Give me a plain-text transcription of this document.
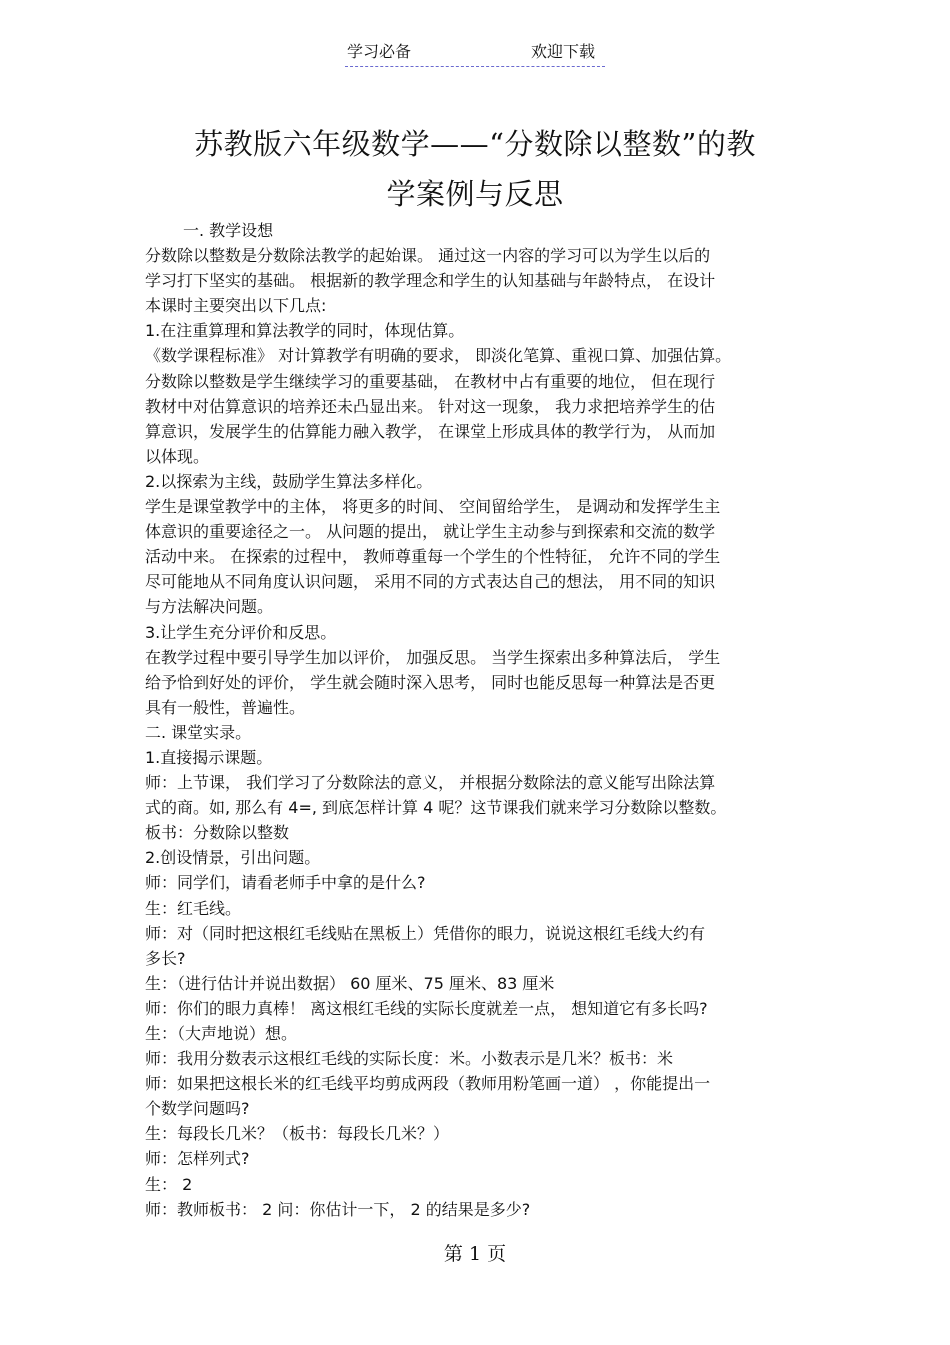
学习必备	欢迎下载
苏教版六年级数学——“分数除以整数”的教
学案例与反思
一. 教学设想
分数除以整数是分数除法教学的起始课。 通过这一内容的学习可以为学生以后的
学习打下坚实的基础。 根据新的教学理念和学生的认知基础与年龄特点， 在设计
本课时主要突出以下几点:
1.在注重算理和算法教学的同时，体现估算。
《数学课程标准》 对计算教学有明确的要求， 即淡化笔算、重视口算、加强估算。
分数除以整数是学生继续学习的重要基础， 在教材中占有重要的地位， 但在现行
教材中对估算意识的培养还未凸显出来。 针对这一现象， 我力求把培养学生的估
算意识，发展学生的估算能力融入教学， 在课堂上形成具体的教学行为， 从而加
以体现。
2.以探索为主线，鼓励学生算法多样化。
学生是课堂教学中的主体， 将更多的时间、 空间留给学生， 是调动和发挥学生主
体意识的重要途径之一。 从问题的提出， 就让学生主动参与到探索和交流的数学
活动中来。 在探索的过程中， 教师尊重每一个学生的个性特征， 允许不同的学生
尽可能地从不同角度认识问题， 采用不同的方式表达自己的想法， 用不同的知识
与方法解决问题。
3.让学生充分评价和反思。
在教学过程中要引导学生加以评价， 加强反思。 当学生探索出多种算法后， 学生
给予恰到好处的评价， 学生就会随时深入思考， 同时也能反思每一种算法是否更
具有一般性，普遍性。
二. 课堂实录。
1.直接揭示课题。
师：上节课， 我们学习了分数除法的意义， 并根据分数除法的意义能写出除法算
式的商。如, 那么有 4=, 到底怎样计算 4 呢？这节课我们就来学习分数除以整数。
板书：分数除以整数
2.创设情景，引出问题。
师：同学们，请看老师手中拿的是什么?
生：红毛线。
师：对（同时把这根红毛线贴在黑板上）凭借你的眼力，说说这根红毛线大约有
多长?
生：（进行估计并说出数据） 60 厘米、75 厘米、83 厘米
师：你们的眼力真棒！ 离这根红毛线的实际长度就差一点， 想知道它有多长吗?
生：（大声地说）想。
师：我用分数表示这根红毛线的实际长度：米。小数表示是几米？板书：米
师：如果把这根长米的红毛线平均剪成两段（教师用粉笔画一道） ，你能提出一
个数学问题吗?
生：每段长几米？（板书：每段长几米？）
师：怎样列式?
生： 2
师：教师板书： 2 问：你估计一下， 2 的结果是多少?
第 1 页
